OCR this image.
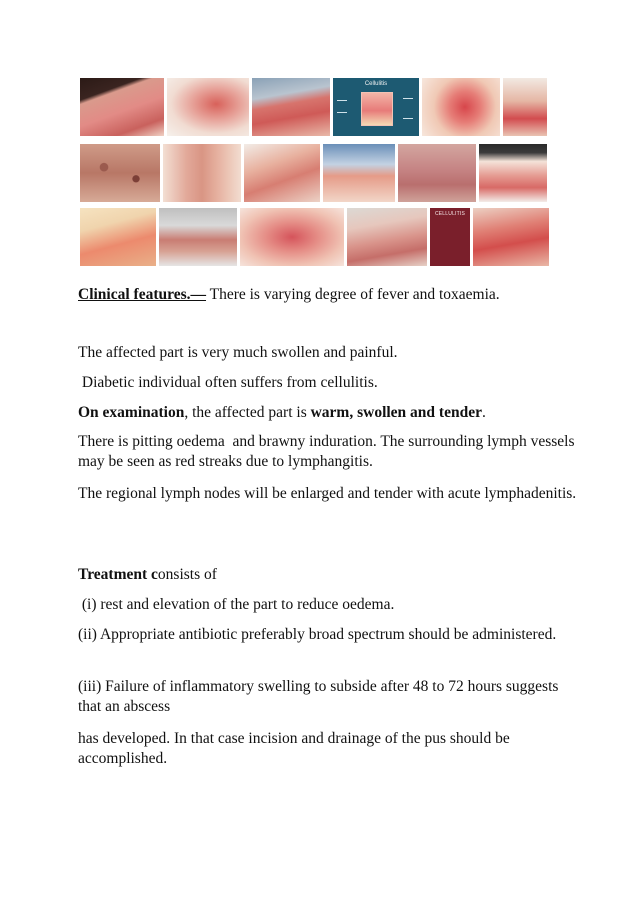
Cellulitis
CELLULITIS
Clinical features.— There is varying degree of fever and toxaemia.
The affected part is very much swollen and painful.
Diabetic individual often suffers from cellulitis.
On examination, the affected part is warm, swollen and tender.
There is pitting oedema  and brawny induration. The surrounding lymph vessels may be seen as red streaks due to lymphangitis.
The regional lymph nodes will be enlarged and tender with acute lymphadenitis.
Treatment consists of
(i) rest and elevation of the part to reduce oedema.
(ii) Appropriate antibiotic preferably broad spectrum should be administered.
(iii) Failure of inflammatory swelling to subside after 48 to 72 hours suggests that an abscess
has developed. In that case incision and drainage of the pus should be accomplished.
